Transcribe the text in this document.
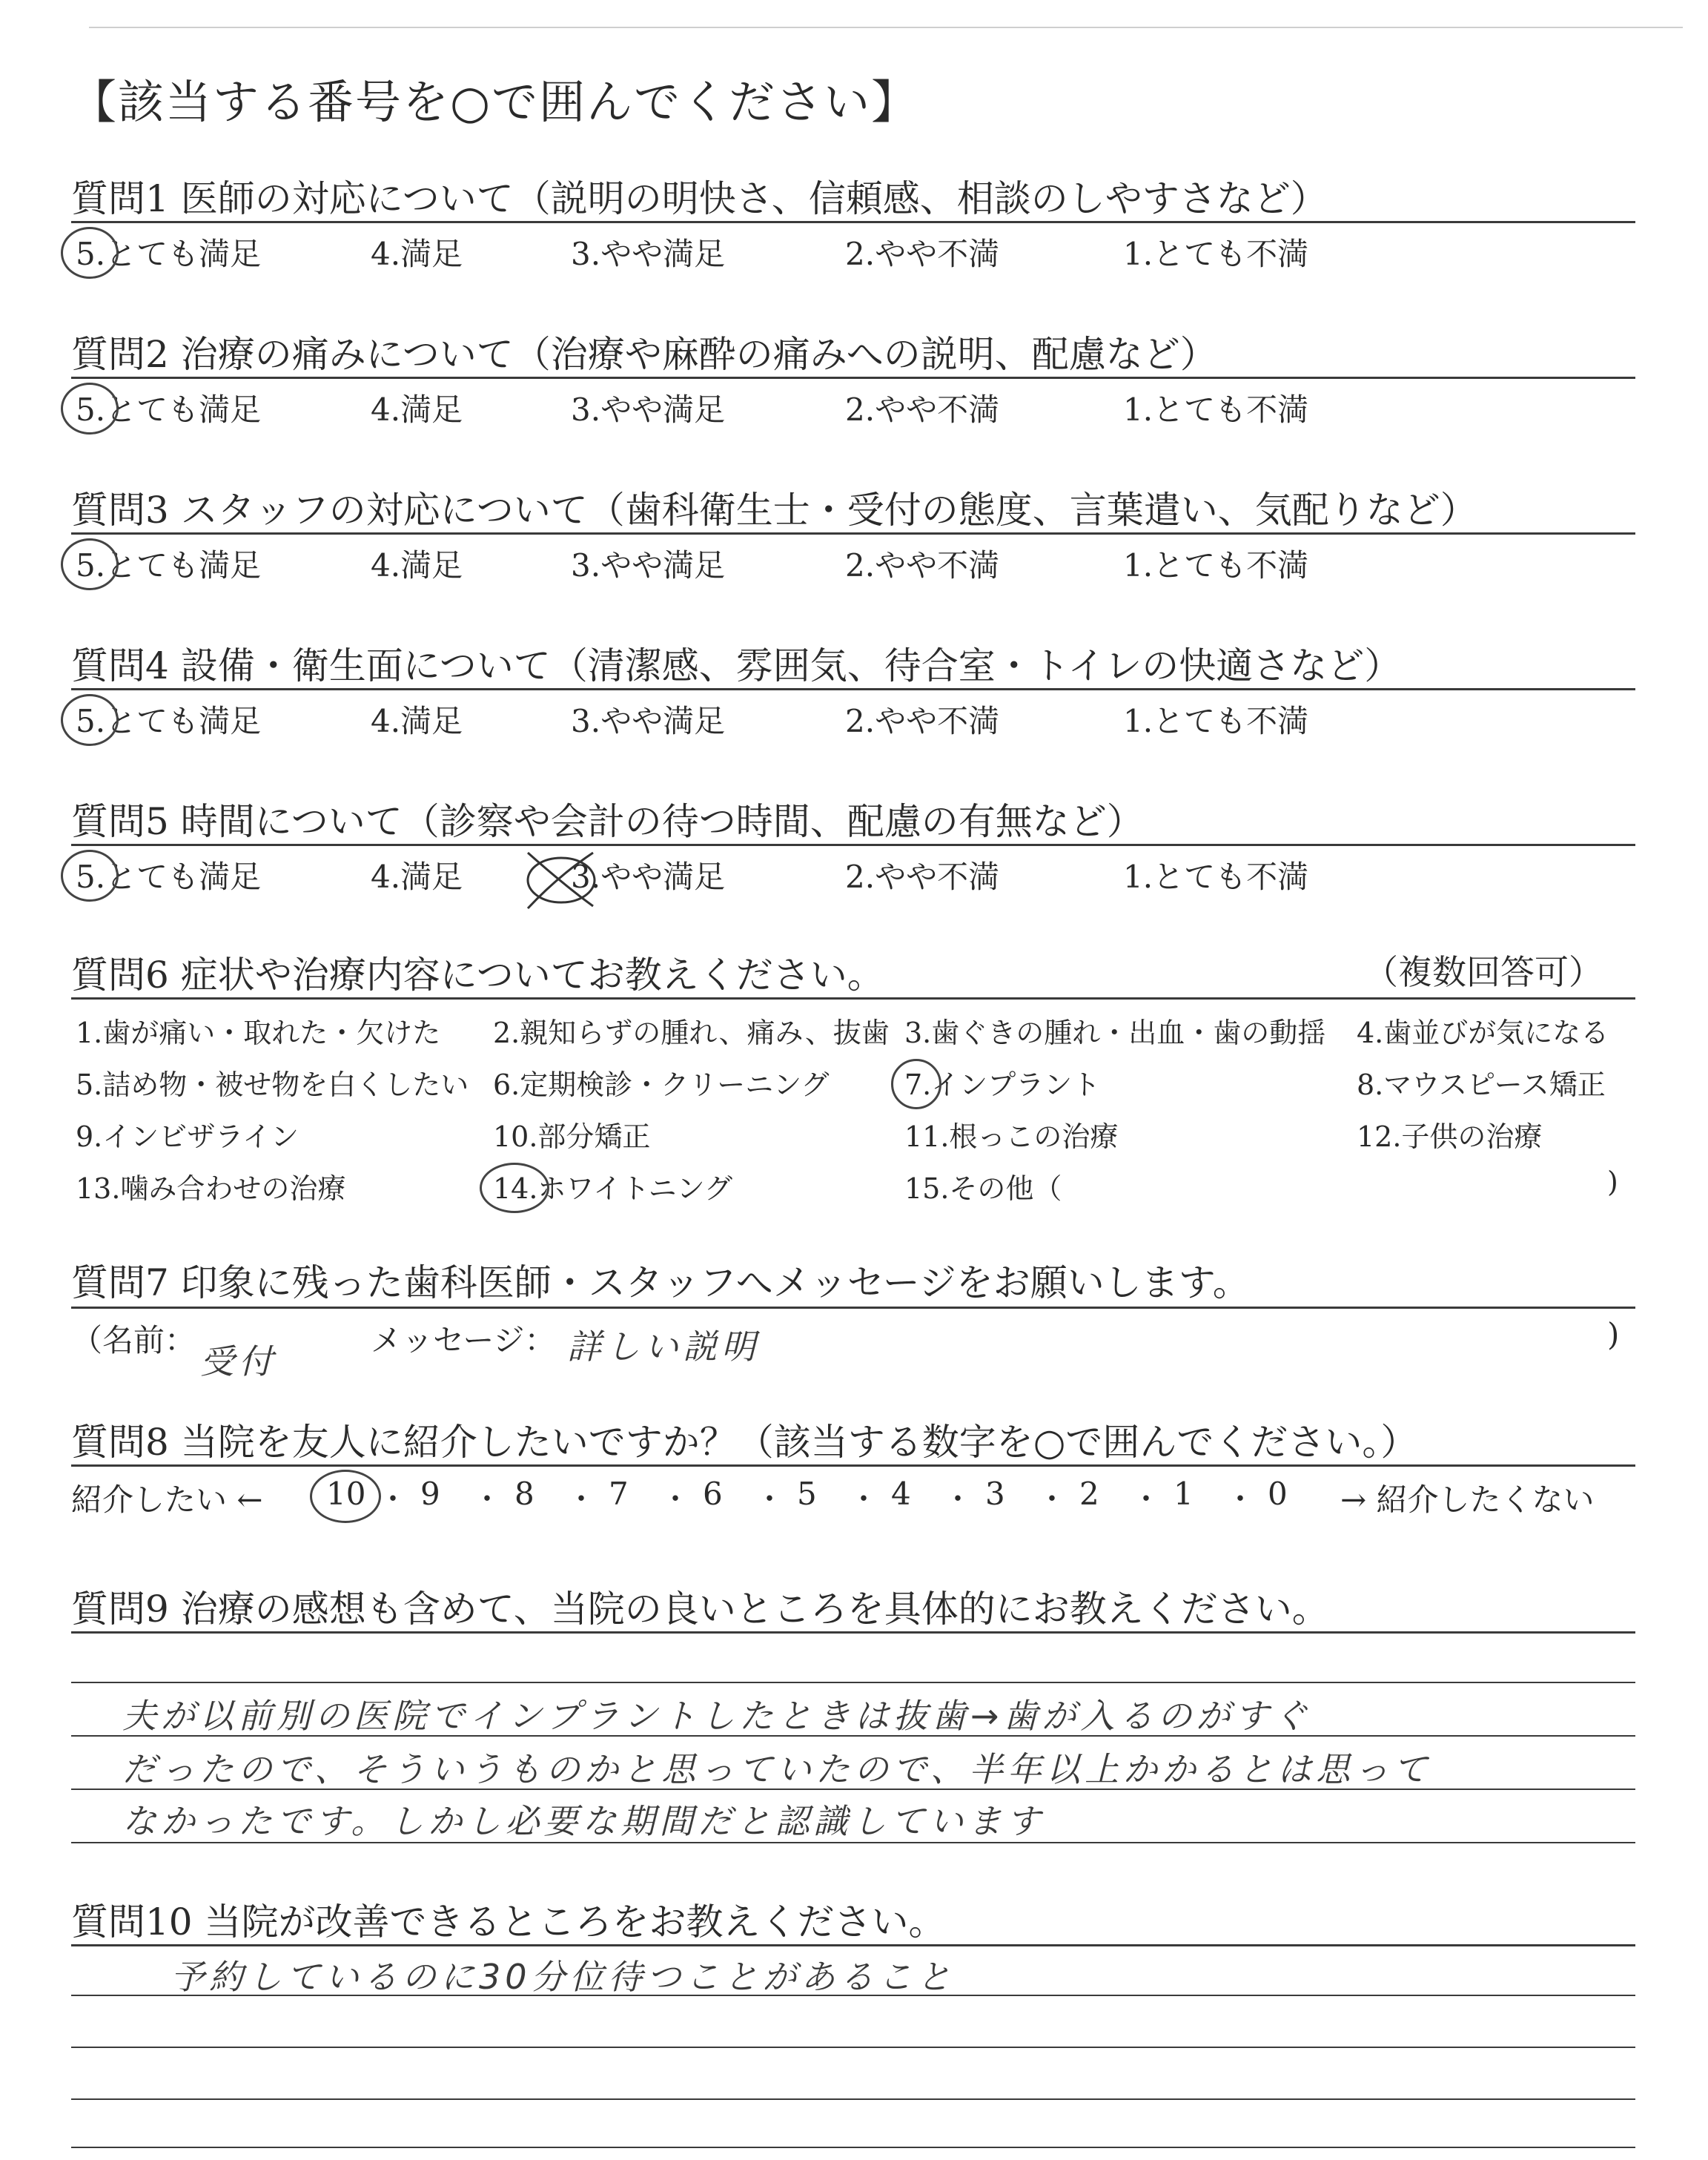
【該当する番号を○で囲んでください】
質問1 医師の対応について（説明の明快さ、信頼感、相談のしやすさなど）
5.とても満足	4.満足	3.やや満足	2.やや不満	1.とても不満
質問2 治療の痛みについて（治療や麻酔の痛みへの説明、配慮など）
5.とても満足	4.満足	3.やや満足	2.やや不満	1.とても不満
質問3 スタッフの対応について（歯科衛生士・受付の態度、言葉遣い、気配りなど）
5.とても満足	4.満足	3.やや満足	2.やや不満	1.とても不満
質問4 設備・衛生面について（清潔感、雰囲気、待合室・トイレの快適さなど）
5.とても満足	4.満足	3.やや満足	2.やや不満	1.とても不満
質問5 時間について（診察や会計の待つ時間、配慮の有無など）
5.とても満足	4.満足	3.やや満足	2.やや不満	1.とても不満
質問6 症状や治療内容についてお教えください。	（複数回答可）
1.歯が痛い・取れた・欠けた 2.親知らずの腫れ、痛み、抜歯 3.歯ぐきの腫れ・出血・歯の動揺 4.歯並びが気になる
5.詰め物・被せ物を白くしたい 6.定期検診・クリーニング	7.インプラント	8.マウスピース矯正
9.インビザライン	10.部分矯正	11.根っこの治療	12.子供の治療
13.噛み合わせの治療	14.ホワイトニング	15.その他（	)
質問7 印象に残った歯科医師・スタッフへメッセージをお願いします。
（名前：
受付
メッセージ： 詳しい説明	)
質問8 当院を友人に紹介したいですか？（該当する数字を○で囲んでください。）
紹介したい ← 10 ・ 9 ・ 8 ・ 7 ・ 6 ・ 5 ・ 4 ・ 3 ・ 2 ・ 1 ・ 0 → 紹介したくない
質問9 治療の感想も含めて、当院の良いところを具体的にお教えください。
夫が以前別の医院でインプラントしたときは抜歯→歯が入るのがすぐ
だったので、そういうものかと思っていたので、半年以上かかるとは思って
なかったです。しかし必要な期間だと認識しています
質問10 当院が改善できるところをお教えください。
予約しているのに30分位待つことがあること
